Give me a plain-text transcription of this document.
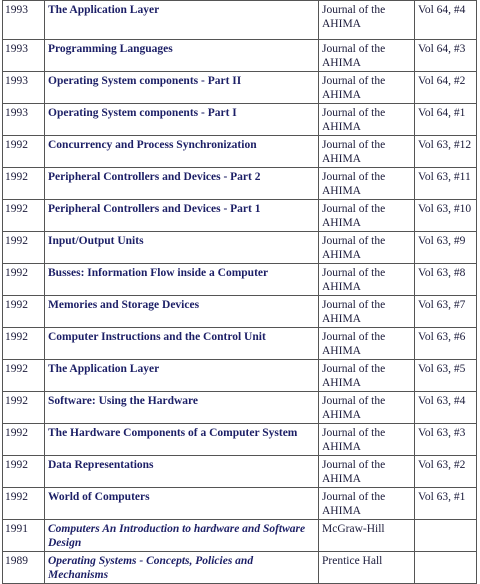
1993	The Application Layer	Journal of the AHIMA	Vol 64, #4
1993	Programming Languages	Journal of the AHIMA	Vol 64, #3
1993	Operating System components - Part II	Journal of the AHIMA	Vol 64, #2
1993	Operating System components - Part I	Journal of the AHIMA	Vol 64, #1
1992	Concurrency and Process Synchronization	Journal of the AHIMA	Vol 63, #12
1992	Peripheral Controllers and Devices - Part 2	Journal of the AHIMA	Vol 63, #11
1992	Peripheral Controllers and Devices - Part 1	Journal of the AHIMA	Vol 63, #10
1992	Input/Output Units	Journal of the AHIMA	Vol 63, #9
1992	Busses: Information Flow inside a Computer	Journal of the AHIMA	Vol 63, #8
1992	Memories and Storage Devices	Journal of the AHIMA	Vol 63, #7
1992	Computer Instructions and the Control Unit	Journal of the AHIMA	Vol 63, #6
1992	The Application Layer	Journal of the AHIMA	Vol 63, #5
1992	Software: Using the Hardware	Journal of the AHIMA	Vol 63, #4
1992	The Hardware Components of a Computer System	Journal of the AHIMA	Vol 63, #3
1992	Data Representations	Journal of the AHIMA	Vol 63, #2
1992	World of Computers	Journal of the AHIMA	Vol 63, #1
1991	Computers An Introduction to hardware and Software Design	McGraw-Hill	
1989	Operating Systems - Concepts, Policies and Mechanisms	Prentice Hall	
